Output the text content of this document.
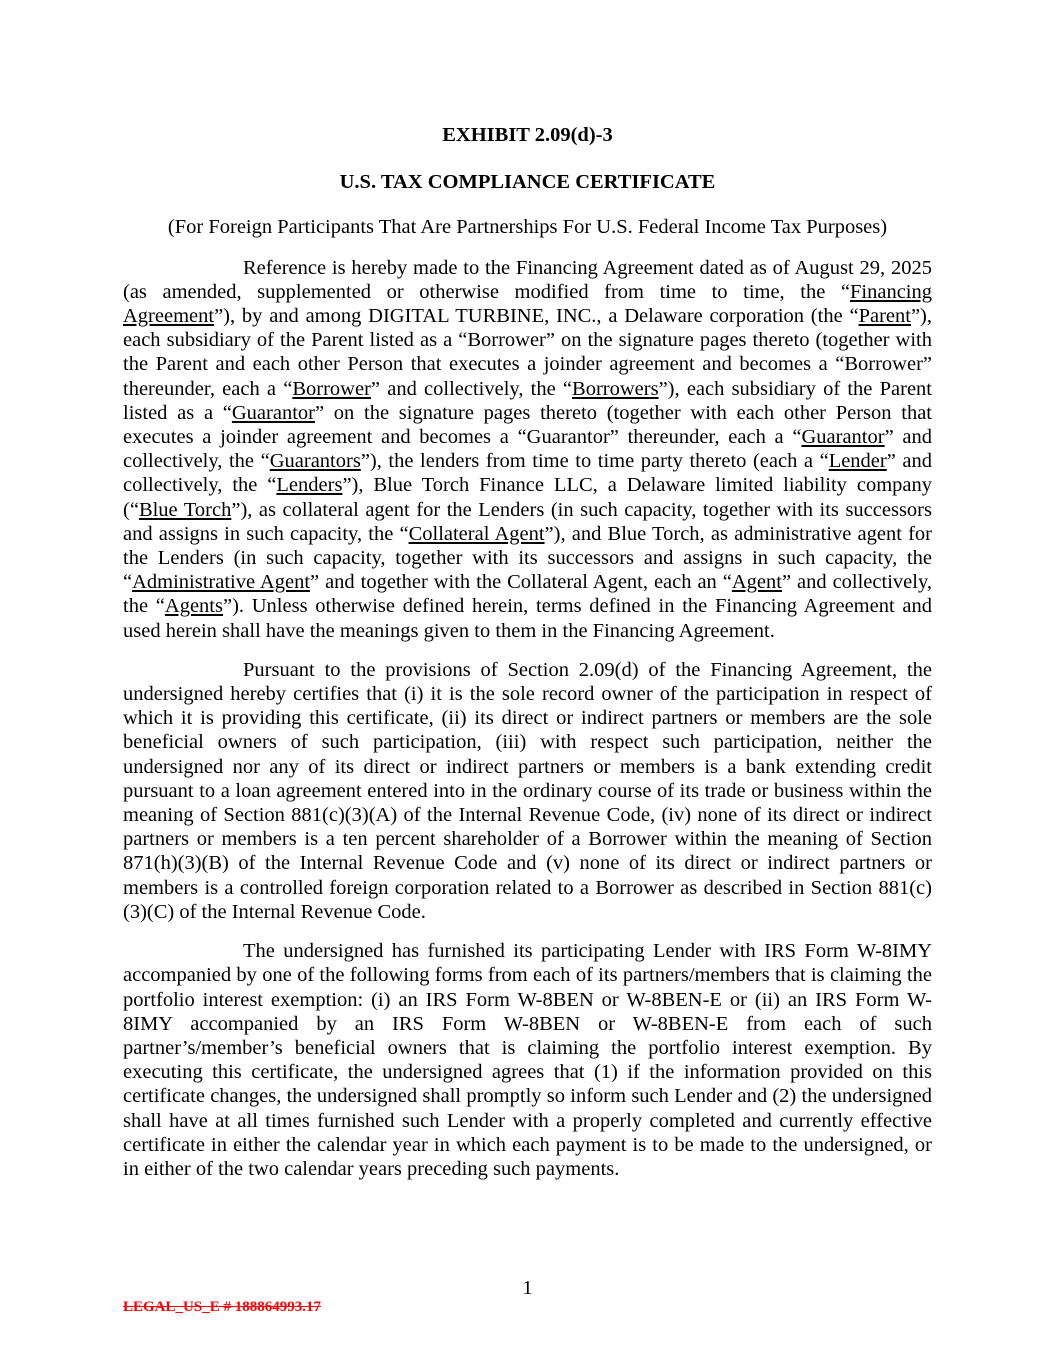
EXHIBIT 2.09(d)-3
U.S. TAX COMPLIANCE CERTIFICATE
(For Foreign Participants That Are Partnerships For U.S. Federal Income Tax Purposes)

Reference is hereby made to the Financing Agreement dated as of August 29, 2025 (as amended, supplemented or otherwise modified from time to time, the “Financing Agreement”), by and among DIGITAL TURBINE, INC., a Delaware corporation (the “Parent”), each subsidiary of the Parent listed as a “Borrower” on the signature pages thereto (together with the Parent and each other Person that executes a joinder agreement and becomes a “Borrower” thereunder, each a “Borrower” and collectively, the “Borrowers”), each subsidiary of the Parent listed as a “Guarantor” on the signature pages thereto (together with each other Person that executes a joinder agreement and becomes a “Guarantor” thereunder, each a “Guarantor” and collectively, the “Guarantors”), the lenders from time to time party thereto (each a “Lender” and collectively, the “Lenders”), Blue Torch Finance LLC, a Delaware limited liability company (“Blue Torch”), as collateral agent for the Lenders (in such capacity, together with its successors and assigns in such capacity, the “Collateral Agent”), and Blue Torch, as administrative agent for the Lenders (in such capacity, together with its successors and assigns in such capacity, the “Administrative Agent” and together with the Collateral Agent, each an “Agent” and collectively, the “Agents”). Unless otherwise defined herein, terms defined in the Financing Agreement and used herein shall have the meanings given to them in the Financing Agreement.

Pursuant to the provisions of Section 2.09(d) of the Financing Agreement, the undersigned hereby certifies that (i) it is the sole record owner of the participation in respect of which it is providing this certificate, (ii) its direct or indirect partners or members are the sole beneficial owners of such participation, (iii) with respect such participation, neither the undersigned nor any of its direct or indirect partners or members is a bank extending credit pursuant to a loan agreement entered into in the ordinary course of its trade or business within the meaning of Section 881(c)(3)(A) of the Internal Revenue Code, (iv) none of its direct or indirect partners or members is a ten percent shareholder of a Borrower within the meaning of Section 871(h)(3)(B) of the Internal Revenue Code and (v) none of its direct or indirect partners or members is a controlled foreign corporation related to a Borrower as described in Section 881(c)(3)(C) of the Internal Revenue Code.

The undersigned has furnished its participating Lender with IRS Form W-8IMY accompanied by one of the following forms from each of its partners/members that is claiming the portfolio interest exemption: (i) an IRS Form W-8BEN or W-8BEN-E or (ii) an IRS Form W-8IMY accompanied by an IRS Form W-8BEN or W-8BEN-E from each of such partner’s/member’s beneficial owners that is claiming the portfolio interest exemption. By executing this certificate, the undersigned agrees that (1) if the information provided on this certificate changes, the undersigned shall promptly so inform such Lender and (2) the undersigned shall have at all times furnished such Lender with a properly completed and currently effective certificate in either the calendar year in which each payment is to be made to the undersigned, or in either of the two calendar years preceding such payments.

1
LEGAL_US_E # 188864993.17
